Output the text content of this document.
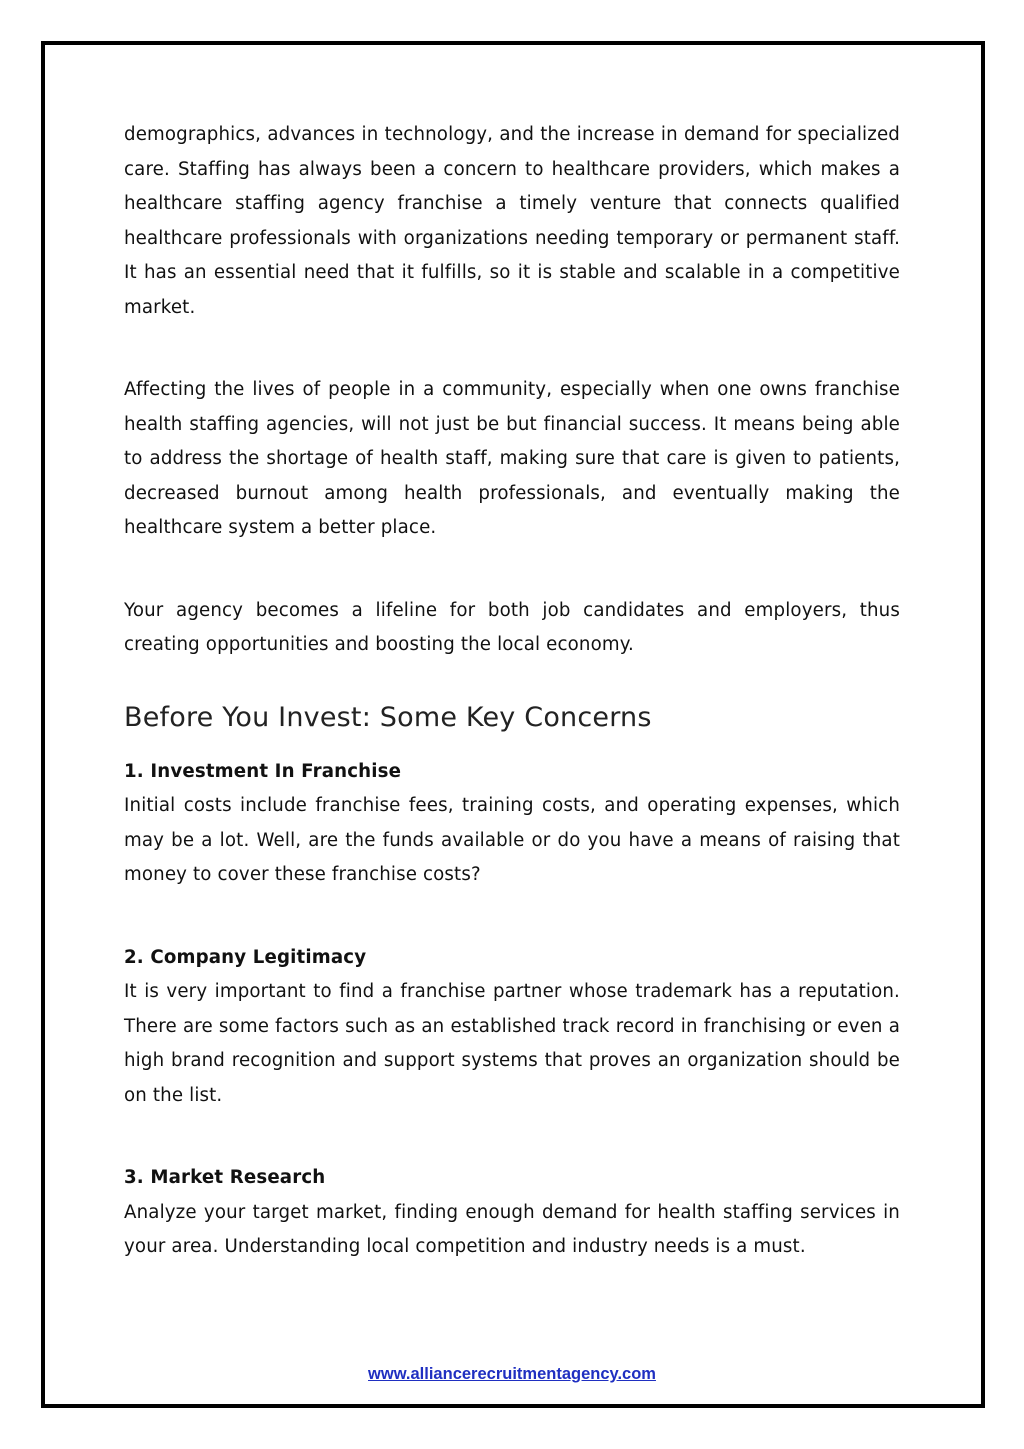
demographics, advances in technology, and the increase in demand for specialized care. Staffing has always been a concern to healthcare providers, which makes a healthcare staffing agency franchise a timely venture that connects qualified healthcare professionals with organizations needing temporary or permanent staff. It has an essential need that it fulfills, so it is stable and scalable in a competitive market.

Affecting the lives of people in a community, especially when one owns franchise health staffing agencies, will not just be but financial success. It means being able to address the shortage of health staff, making sure that care is given to patients, decreased burnout among health professionals, and eventually making the healthcare system a better place.

Your agency becomes a lifeline for both job candidates and employers, thus creating opportunities and boosting the local economy.

Before You Invest: Some Key Concerns
1. Investment In Franchise

Initial costs include franchise fees, training costs, and operating expenses, which may be a lot. Well, are the funds available or do you have a means of raising that money to cover these franchise costs?

2. Company Legitimacy

It is very important to find a franchise partner whose trademark has a reputation. There are some factors such as an established track record in franchising or even a high brand recognition and support systems that proves an organization should be on the list.

3. Market Research

Analyze your target market, finding enough demand for health staffing services in your area. Understanding local competition and industry needs is a must.

www.alliancerecruitmentagency.com
